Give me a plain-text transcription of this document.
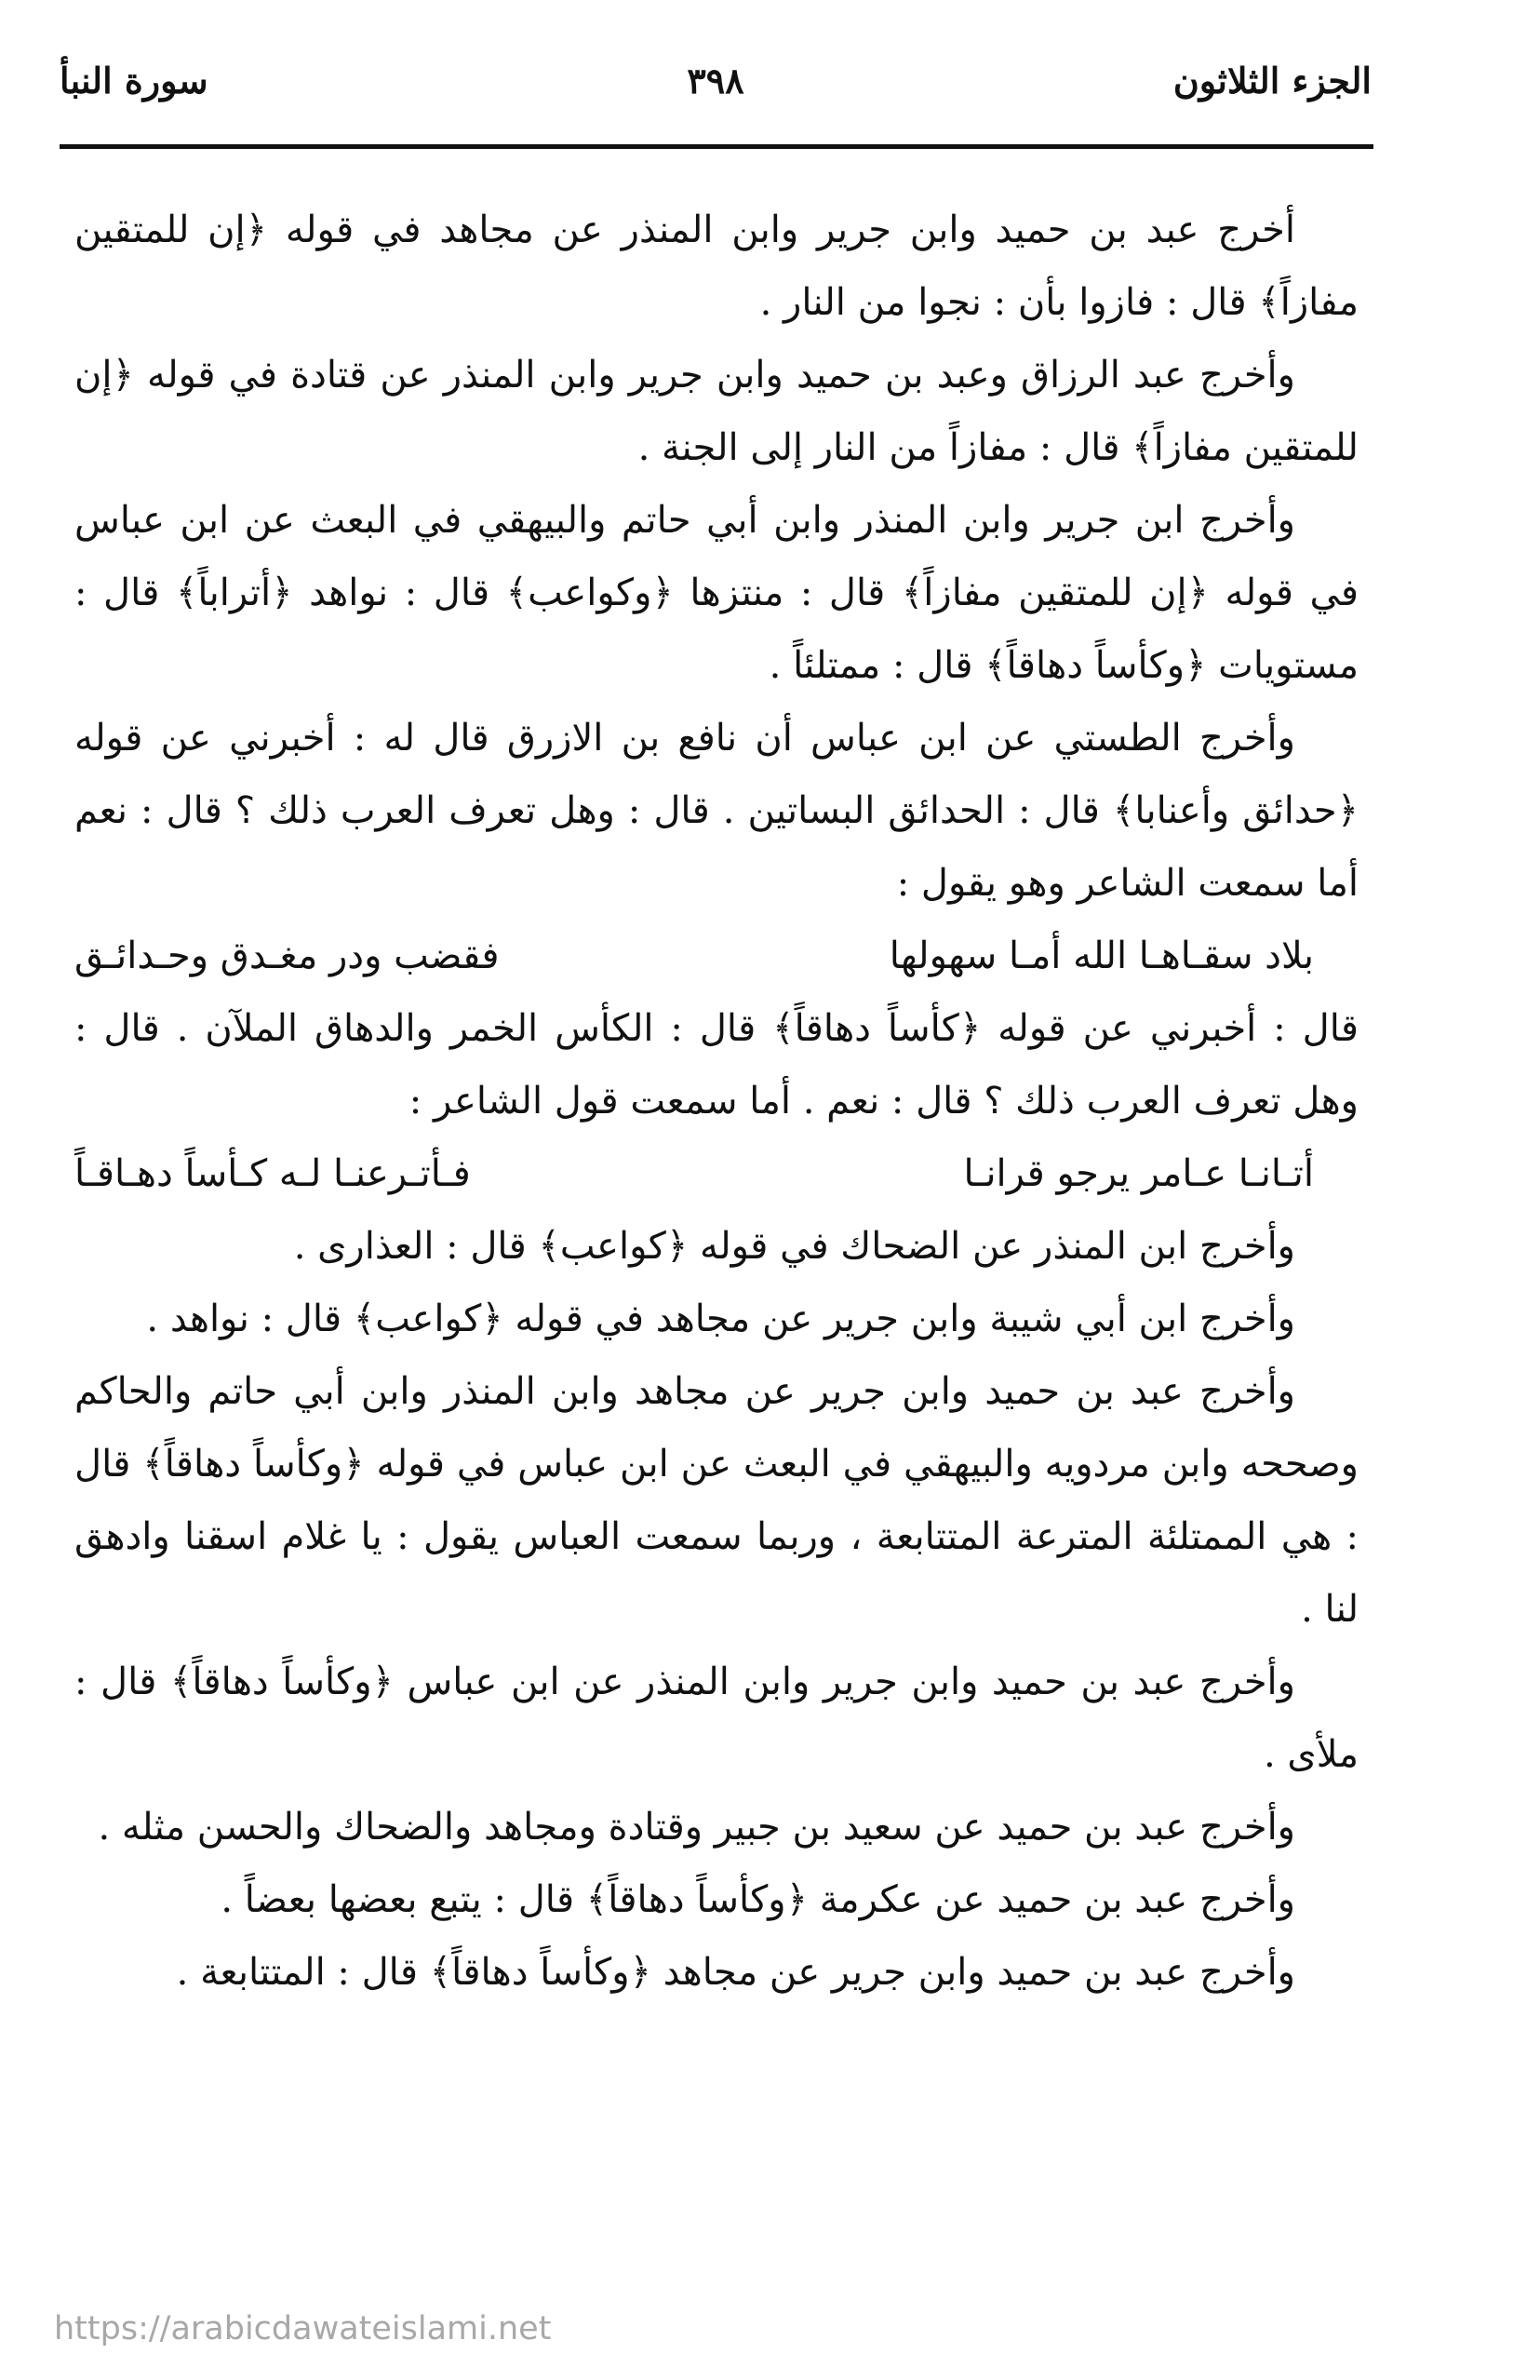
الجزء الثلاثون
٣٩٨
سورة النبأ

أخرج عبد بن حميد وابن جرير وابن المنذر عن مجاهد في قوله ﴿إن للمتقين مفازاً﴾ قال : فازوا بأن : نجوا من النار .

وأخرج عبد الرزاق وعبد بن حميد وابن جرير وابن المنذر عن قتادة في قوله ﴿إن للمتقين مفازاً﴾ قال : مفازاً من النار إلى الجنة .

وأخرج ابن جرير وابن المنذر وابن أبي حاتم والبيهقي في البعث عن ابن عباس في قوله ﴿إن للمتقين مفازاً﴾ قال : منتزها ﴿وكواعب﴾ قال : نواهد ﴿أتراباً﴾ قال : مستويات ﴿وكأساً دهاقاً﴾ قال : ممتلئاً .

وأخرج الطستي عن ابن عباس أن نافع بن الازرق قال له : أخبرني عن قوله ﴿حدائق وأعنابا﴾ قال : الحدائق البساتين . قال : وهل تعرف العرب ذلك ؟ قال : نعم أما سمعت الشاعر وهو يقول :

بلاد سقـاهـا الله أمـا سهولها
فقضب ودر مغـدق وحـدائـق

قال : أخبرني عن قوله ﴿كأساً دهاقاً﴾ قال : الكأس الخمر والدهاق الملآن . قال : وهل تعرف العرب ذلك ؟ قال : نعم . أما سمعت قول الشاعر :

أتـانـا عـامر يرجو قرانـا
فـأتـرعنـا لـه كـأساً دهـاقـاً

وأخرج ابن المنذر عن الضحاك في قوله ﴿كواعب﴾ قال : العذارى .

وأخرج ابن أبي شيبة وابن جرير عن مجاهد في قوله ﴿كواعب﴾ قال : نواهد .

وأخرج عبد بن حميد وابن جرير عن مجاهد وابن المنذر وابن أبي حاتم والحاكم وصححه وابن مردويه والبيهقي في البعث عن ابن عباس في قوله ﴿وكأساً دهاقاً﴾ قال : هي الممتلئة المترعة المتتابعة ، وربما سمعت العباس يقول : يا غلام اسقنا وادهق لنا .

وأخرج عبد بن حميد وابن جرير وابن المنذر عن ابن عباس ﴿وكأساً دهاقاً﴾ قال : ملأى .

وأخرج عبد بن حميد عن سعيد بن جبير وقتادة ومجاهد والضحاك والحسن مثله .

وأخرج عبد بن حميد عن عكرمة ﴿وكأساً دهاقاً﴾ قال : يتبع بعضها بعضاً .

وأخرج عبد بن حميد وابن جرير عن مجاهد ﴿وكأساً دهاقاً﴾ قال : المتتابعة .

https://arabicdawateislami.net
